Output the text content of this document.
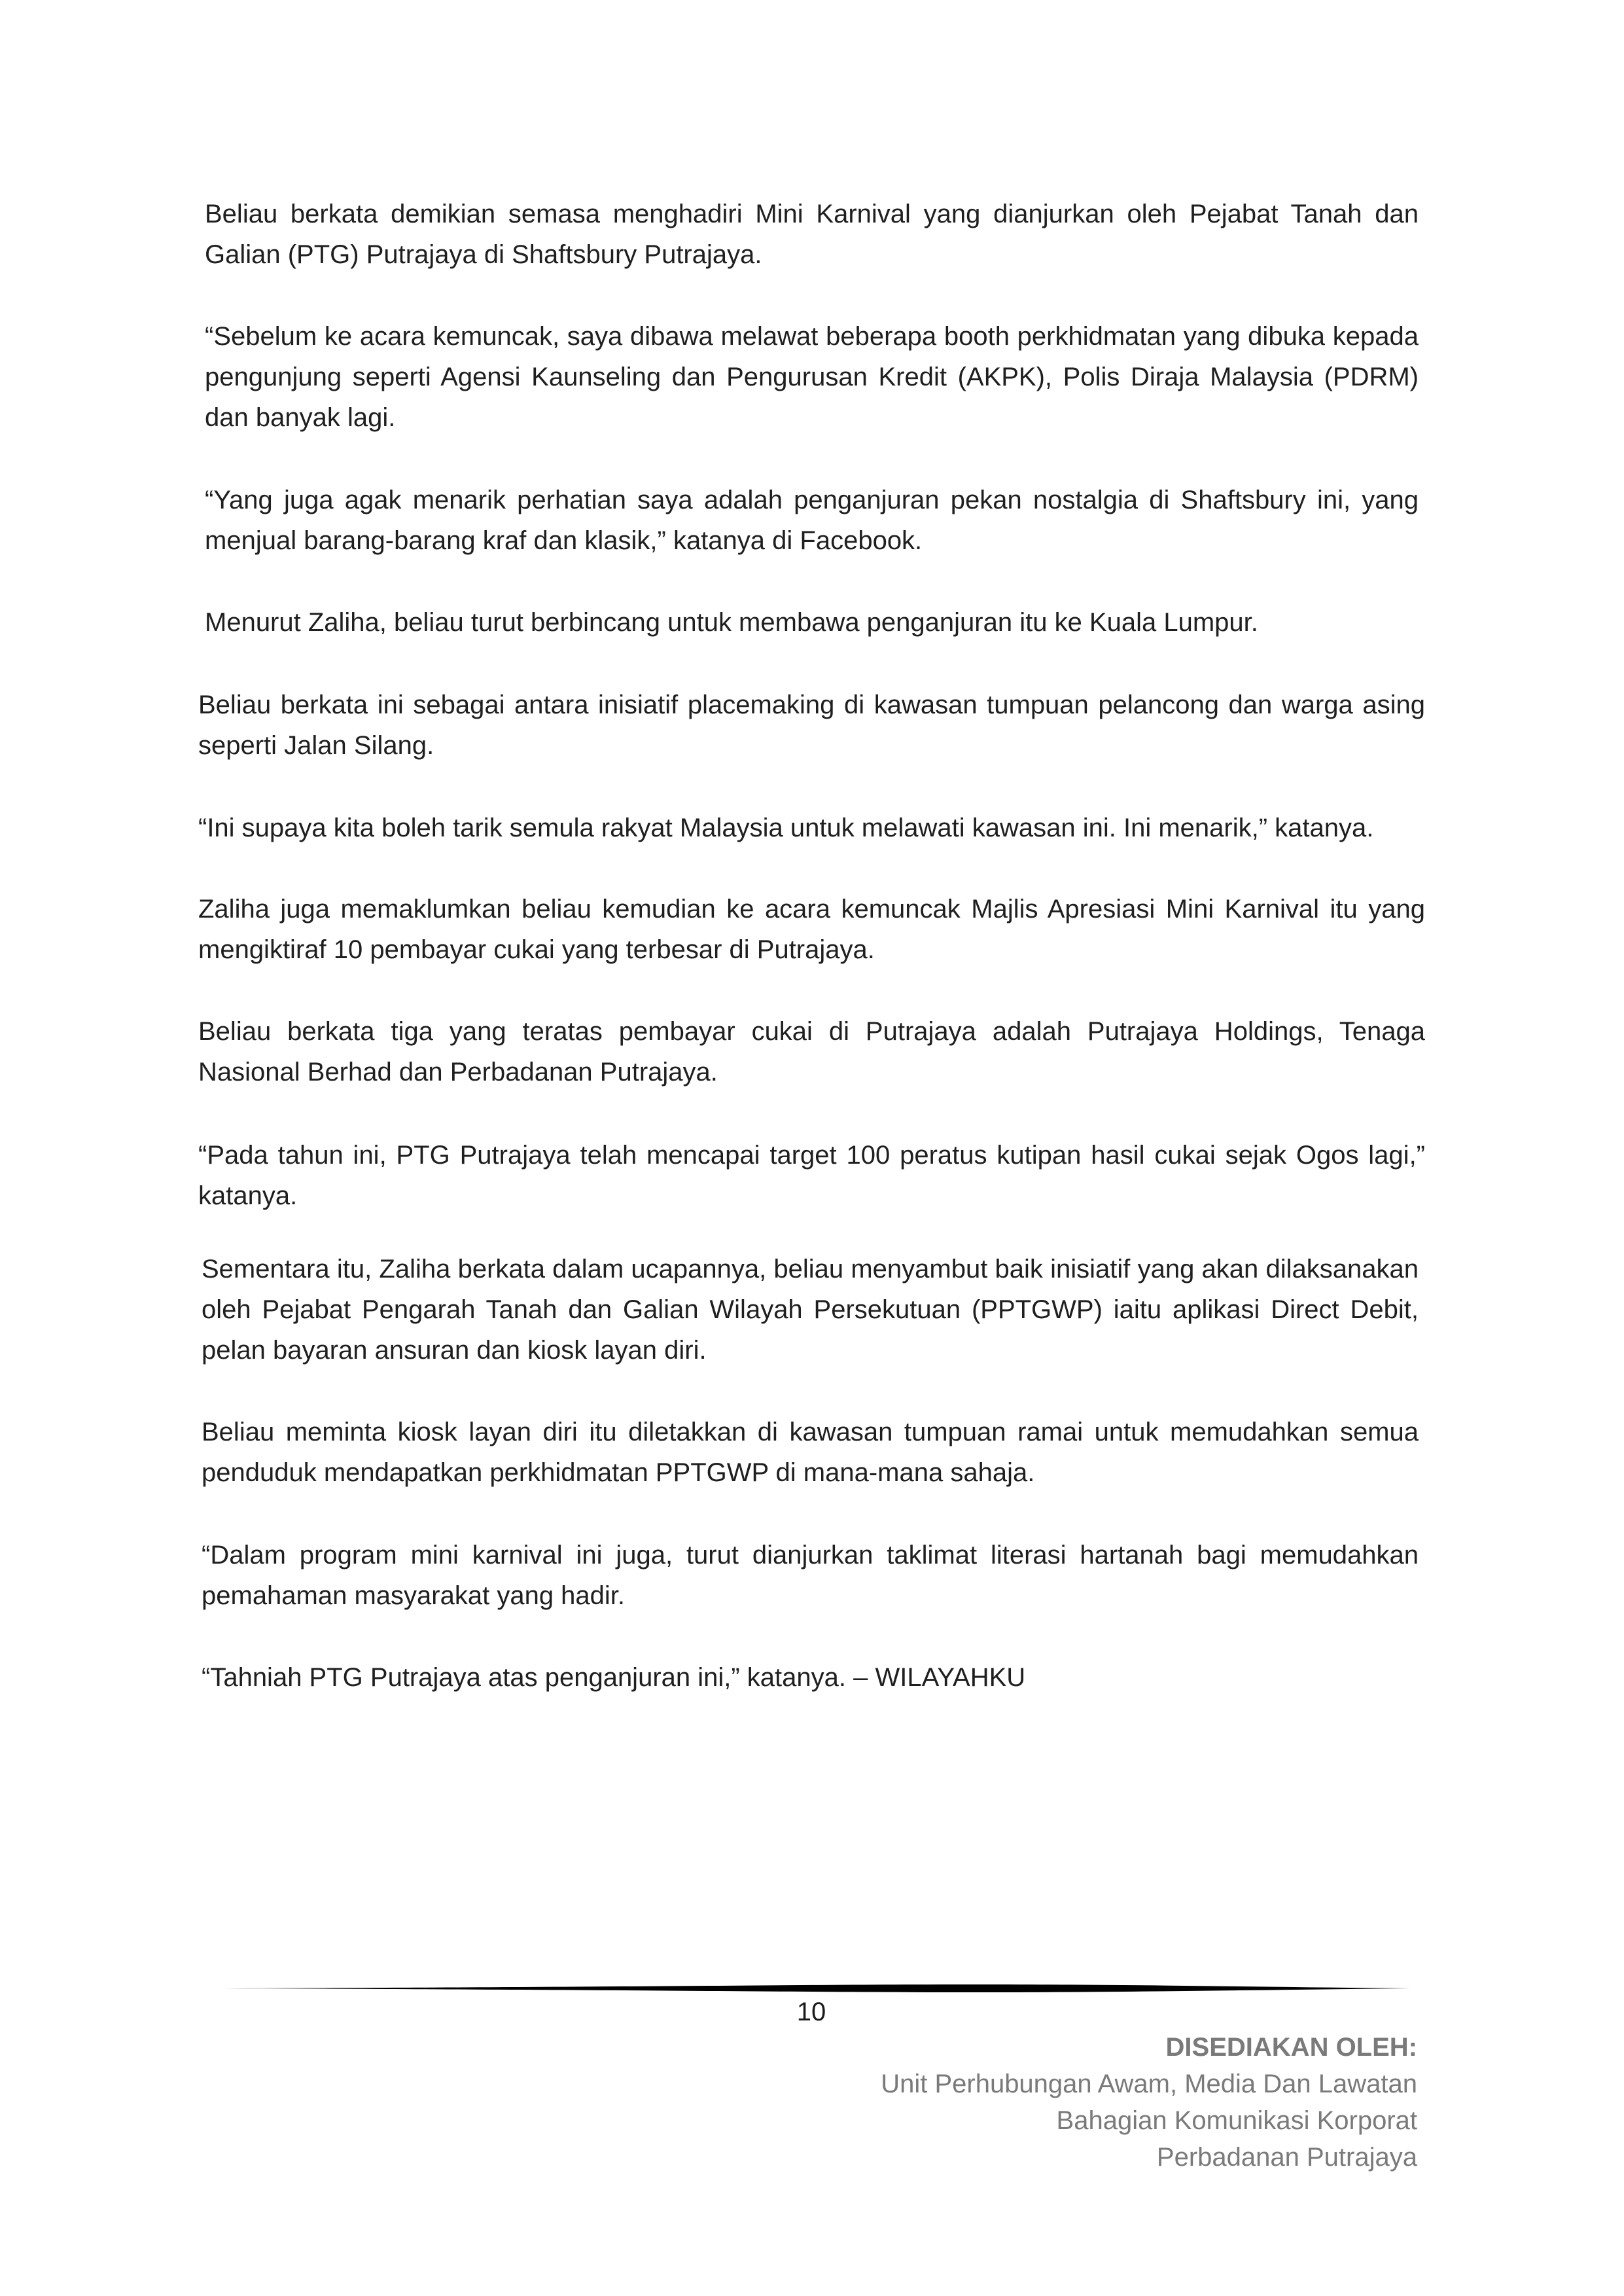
Beliau berkata demikian semasa menghadiri Mini Karnival yang dianjurkan oleh Pejabat Tanah dan Galian (PTG) Putrajaya di Shaftsbury Putrajaya.

“Sebelum ke acara kemuncak, saya dibawa melawat beberapa booth perkhidmatan yang dibuka kepada pengunjung seperti Agensi Kaunseling dan Pengurusan Kredit (AKPK), Polis Diraja Malaysia (PDRM) dan banyak lagi.

“Yang juga agak menarik perhatian saya adalah penganjuran pekan nostalgia di Shaftsbury ini, yang menjual barang-barang kraf dan klasik,” katanya di Facebook.

Menurut Zaliha, beliau turut berbincang untuk membawa penganjuran itu ke Kuala Lumpur.

Beliau berkata ini sebagai antara inisiatif placemaking di kawasan tumpuan pelancong dan warga asing seperti Jalan Silang.

“Ini supaya kita boleh tarik semula rakyat Malaysia untuk melawati kawasan ini. Ini menarik,” katanya.

Zaliha juga memaklumkan beliau kemudian ke acara kemuncak Majlis Apresiasi Mini Karnival itu yang mengiktiraf 10 pembayar cukai yang terbesar di Putrajaya.

Beliau berkata tiga yang teratas pembayar cukai di Putrajaya adalah Putrajaya Holdings, Tenaga Nasional Berhad dan Perbadanan Putrajaya.

“Pada tahun ini, PTG Putrajaya telah mencapai target 100 peratus kutipan hasil cukai sejak Ogos lagi,” katanya.

Sementara itu, Zaliha berkata dalam ucapannya, beliau menyambut baik inisiatif yang akan dilaksanakan oleh Pejabat Pengarah Tanah dan Galian Wilayah Persekutuan (PPTGWP) iaitu aplikasi Direct Debit, pelan bayaran ansuran dan kiosk layan diri.

Beliau meminta kiosk layan diri itu diletakkan di kawasan tumpuan ramai untuk memudahkan semua penduduk mendapatkan perkhidmatan PPTGWP di mana-mana sahaja.

“Dalam program mini karnival ini juga, turut dianjurkan taklimat literasi hartanah bagi memudahkan pemahaman masyarakat yang hadir.

“Tahniah PTG Putrajaya atas penganjuran ini,” katanya. – WILAYAHKU

10
DISEDIAKAN OLEH:
Unit Perhubungan Awam, Media Dan Lawatan
Bahagian Komunikasi Korporat
Perbadanan Putrajaya
